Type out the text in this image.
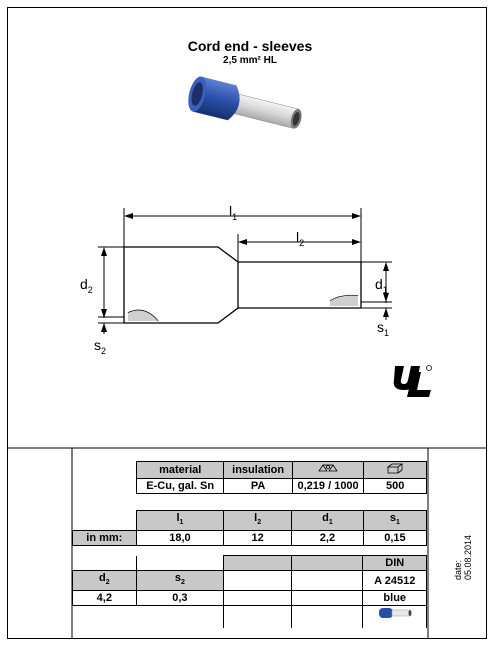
Cord end - sleeves
2,5 mm² HL
$l_1$
$l_2$
$d_2$	$d_1$
$s_1$
$s_2$
material	insulation		
E-Cu, gal. Sn	PA	0,219 / 1000	500
	$l_1$	$l_2$	$d_1$	$s_1$
in mm:	18,0	12	2,2	0,15
				DIN
$d_2$	$s_2$			A 24512
4,2	0,3			blue

date: 05.08.2014
